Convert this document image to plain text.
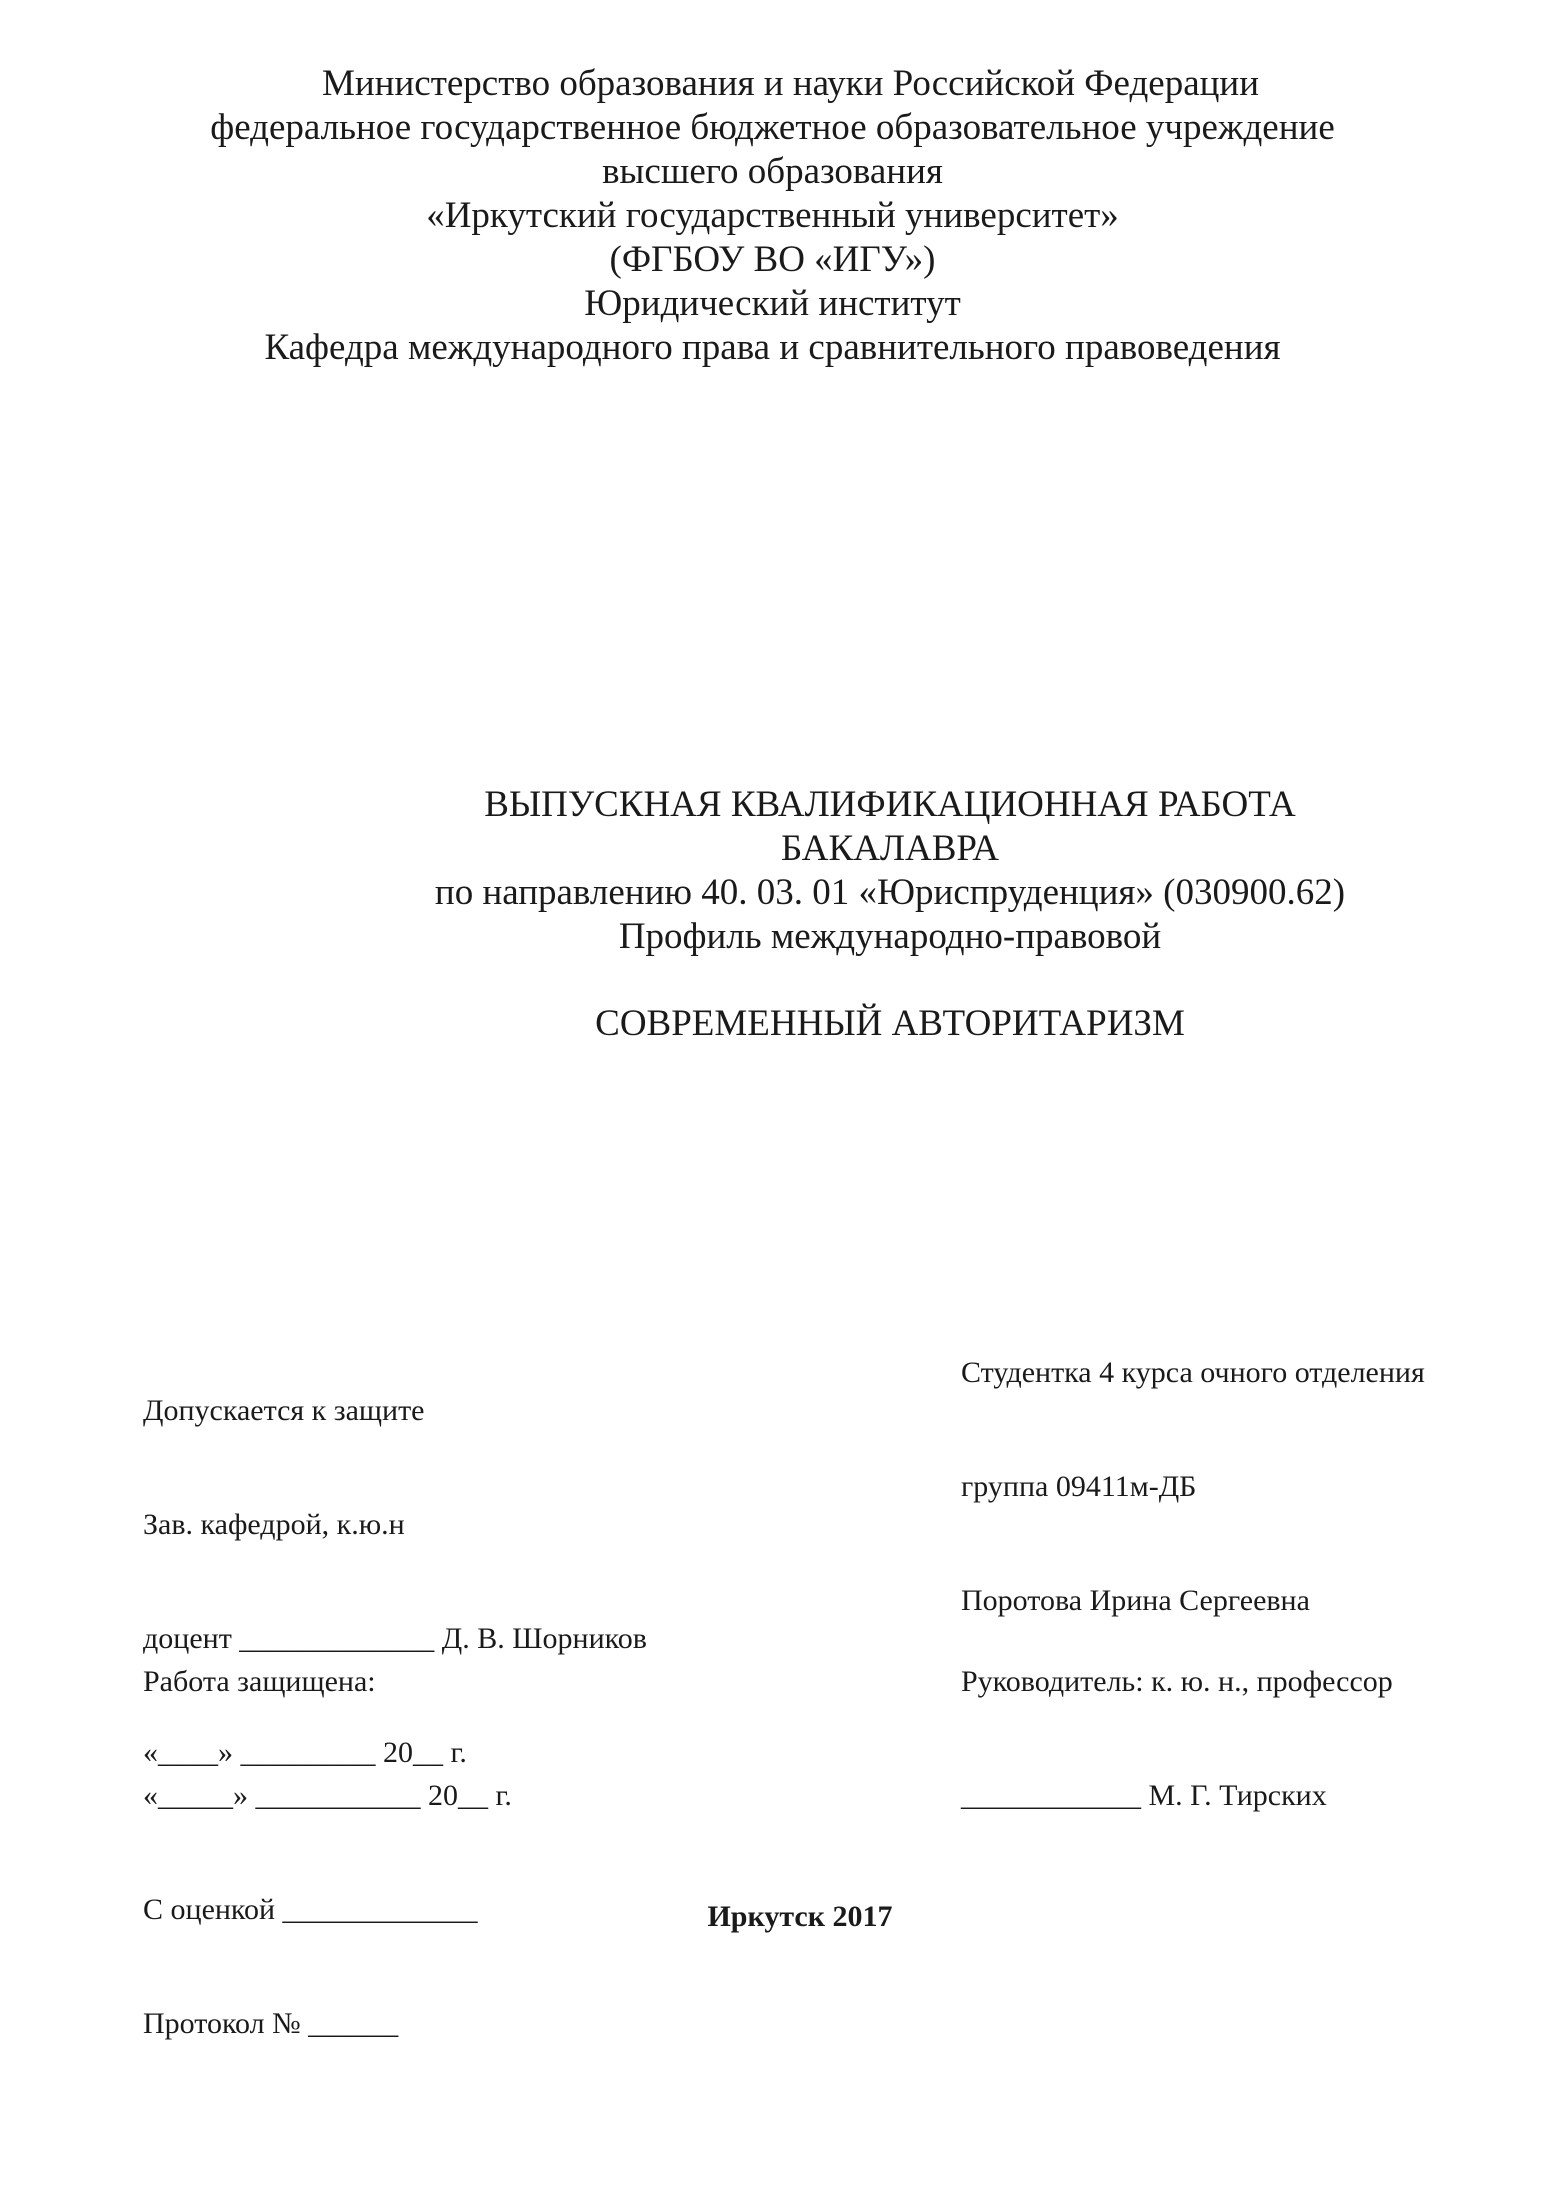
Министерство образования и науки Российской Федерации
федеральное государственное бюджетное образовательное учреждение
высшего образования
«Иркутский государственный университет»
(ФГБОУ ВО «ИГУ»)
Юридический институт
Кафедра международного права и сравнительного правоведения
ВЫПУСКНАЯ КВАЛИФИКАЦИОННАЯ РАБОТА
БАКАЛАВРА
по направлению 40. 03. 01 «Юриспруденция» (030900.62)
Профиль международно-правовой
СОВРЕМЕННЫЙ АВТОРИТАРИЗМ

Допускается к защите

Зав. кафедрой, к.ю.н

доцент _____________ Д. В. Шорников

«____» _________ 20__ г.

Студентка 4 курса очного отделения

группа 09411м-ДБ

Поротова Ирина Сергеевна

Работа защищена:

«_____» ___________ 20__ г.

С оценкой _____________

Протокол № ______

Руководитель: к. ю. н., профессор

____________ М. Г. Тирских

Иркутск 2017
